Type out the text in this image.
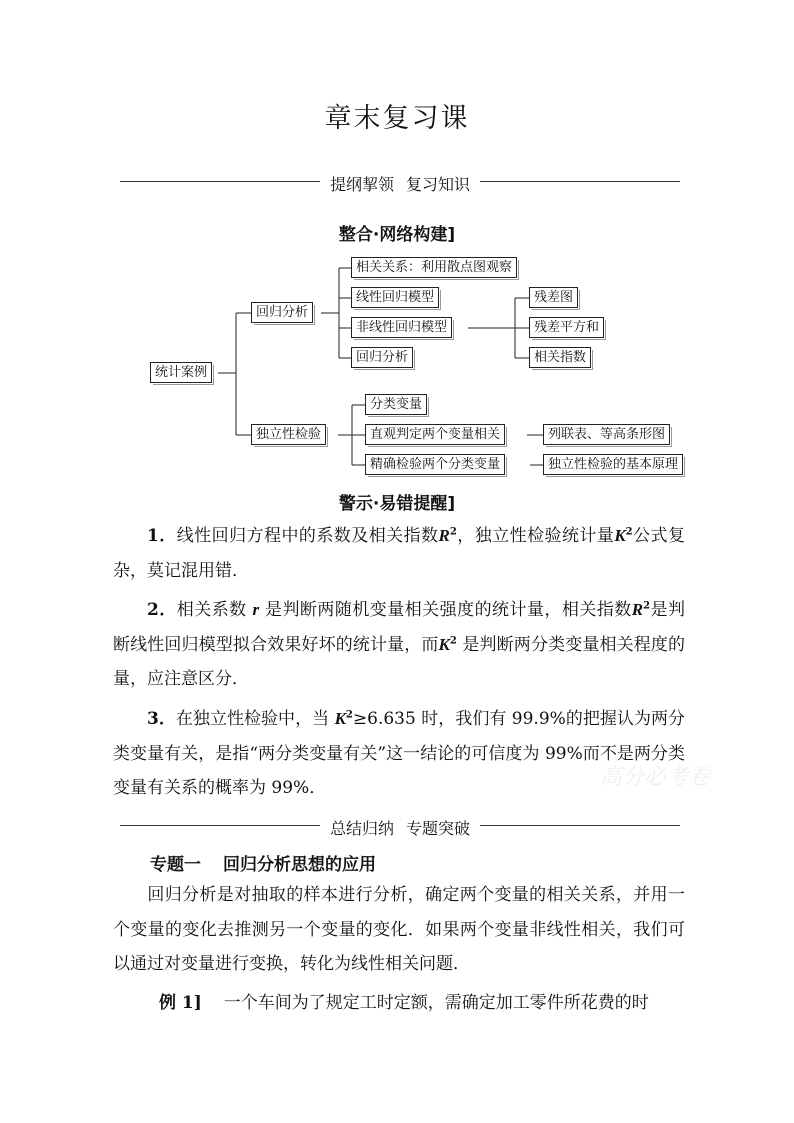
章末复习课
提纲挈领 复习知识
整合·网络构建]
统计案例
回归分析
独立性检验
相关关系：利用散点图观察
线性回归模型
非线性回归模型
回归分析
残差图
残差平方和
相关指数
分类变量
直观判定两个变量相关
精确检验两个分类变量
列联表、等高条形图
独立性检验的基本原理
警示·易错提醒]
1．线性回归方程中的系数及相关指数$R^2$，独立性检验统计量$K^2$公式复杂，莫记混用错．
2．相关系数 r 是判断两随机变量相关强度的统计量，相关指数$R^2$是判断线性回归模型拟合效果好坏的统计量，而$K^2$ 是判断两分类变量相关程度的量，应注意区分．
3．在独立性检验中，当 $K^2\ge 6.635$ 时，我们有 99.9%的把握认为两分类变量有关，是指“两分类变量有关”这一结论的可信度为 99%而不是两分类变量有关系的概率为 99%．	高分必考卷
总结归纳 专题突破
专题一 回归分析思想的应用
回归分析是对抽取的样本进行分析，确定两个变量的相关关系，并用一个变量的变化去推测另一个变量的变化．如果两个变量非线性相关，我们可以通过对变量进行变换，转化为线性相关问题．
例 1] 一个车间为了规定工时定额，需确定加工零件所花费的时
